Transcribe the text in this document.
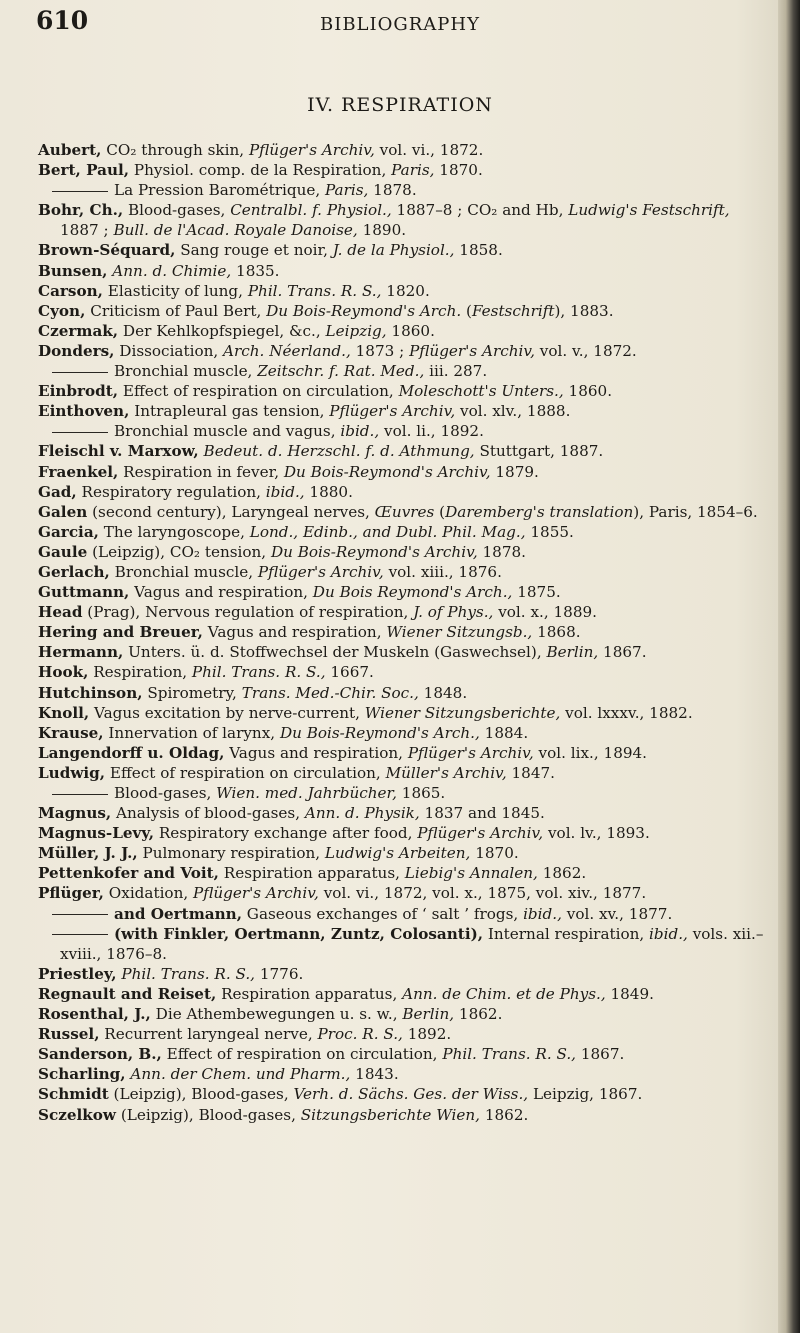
610	BIBLIOGRAPHY
IV. RESPIRATION

Aubert, CO₂ through skin, Pflüger's Archiv, vol. vi., 1872.

Bert, Paul, Physiol. comp. de la Respiration, Paris, 1870.

La Pression Barométrique, Paris, 1878.

Bohr, Ch., Blood-gases, Centralbl. f. Physiol., 1887–8 ; CO₂ and Hb, Ludwig's Festschrift, 1887 ; Bull. de l'Acad. Royale Danoise, 1890.

Brown-Séquard, Sang rouge et noir, J. de la Physiol., 1858.

Bunsen, Ann. d. Chimie, 1835.

Carson, Elasticity of lung, Phil. Trans. R. S., 1820.

Cyon, Criticism of Paul Bert, Du Bois-Reymond's Arch. (Festschrift), 1883.

Czermak, Der Kehlkopfspiegel, &c., Leipzig, 1860.

Donders, Dissociation, Arch. Néerland., 1873 ; Pflüger's Archiv, vol. v., 1872.

Bronchial muscle, Zeitschr. f. Rat. Med., iii. 287.

Einbrodt, Effect of respiration on circulation, Moleschott's Unters., 1860.

Einthoven, Intrapleural gas tension, Pflüger's Archiv, vol. xlv., 1888.

Bronchial muscle and vagus, ibid., vol. li., 1892.

Fleischl v. Marxow, Bedeut. d. Herzschl. f. d. Athmung, Stuttgart, 1887.

Fraenkel, Respiration in fever, Du Bois-Reymond's Archiv, 1879.

Gad, Respiratory regulation, ibid., 1880.

Galen (second century), Laryngeal nerves, Œuvres (Daremberg's translation), Paris, 1854–6.

Garcia, The laryngoscope, Lond., Edinb., and Dubl. Phil. Mag., 1855.

Gaule (Leipzig), CO₂ tension, Du Bois-Reymond's Archiv, 1878.

Gerlach, Bronchial muscle, Pflüger's Archiv, vol. xiii., 1876.

Guttmann, Vagus and respiration, Du Bois Reymond's Arch., 1875.

Head (Prag), Nervous regulation of respiration, J. of Phys., vol. x., 1889.

Hering and Breuer, Vagus and respiration, Wiener Sitzungsb., 1868.

Hermann, Unters. ü. d. Stoffwechsel der Muskeln (Gaswechsel), Berlin, 1867.

Hook, Respiration, Phil. Trans. R. S., 1667.

Hutchinson, Spirometry, Trans. Med.-Chir. Soc., 1848.

Knoll, Vagus excitation by nerve-current, Wiener Sitzungsberichte, vol. lxxxv., 1882.

Krause, Innervation of larynx, Du Bois-Reymond's Arch., 1884.

Langendorff u. Oldag, Vagus and respiration, Pflüger's Archiv, vol. lix., 1894.

Ludwig, Effect of respiration on circulation, Müller's Archiv, 1847.

Blood-gases, Wien. med. Jahrbücher, 1865.

Magnus, Analysis of blood-gases, Ann. d. Physik, 1837 and 1845.

Magnus-Levy, Respiratory exchange after food, Pflüger's Archiv, vol. lv., 1893.

Müller, J. J., Pulmonary respiration, Ludwig's Arbeiten, 1870.

Pettenkofer and Voit, Respiration apparatus, Liebig's Annalen, 1862.

Pflüger, Oxidation, Pflüger's Archiv, vol. vi., 1872, vol. x., 1875, vol. xiv., 1877.

and Oertmann, Gaseous exchanges of ‘ salt ’ frogs, ibid., vol. xv., 1877.

(with Finkler, Oertmann, Zuntz, Colosanti), Internal respiration, ibid., vols. xii.–xviii., 1876–8.

Priestley, Phil. Trans. R. S., 1776.

Regnault and Reiset, Respiration apparatus, Ann. de Chim. et de Phys., 1849.

Rosenthal, J., Die Athembewegungen u. s. w., Berlin, 1862.

Russel, Recurrent laryngeal nerve, Proc. R. S., 1892.

Sanderson, B., Effect of respiration on circulation, Phil. Trans. R. S., 1867.

Scharling, Ann. der Chem. und Pharm., 1843.

Schmidt (Leipzig), Blood-gases, Verh. d. Sächs. Ges. der Wiss., Leipzig, 1867.

Sczelkow (Leipzig), Blood-gases, Sitzungsberichte Wien, 1862.
